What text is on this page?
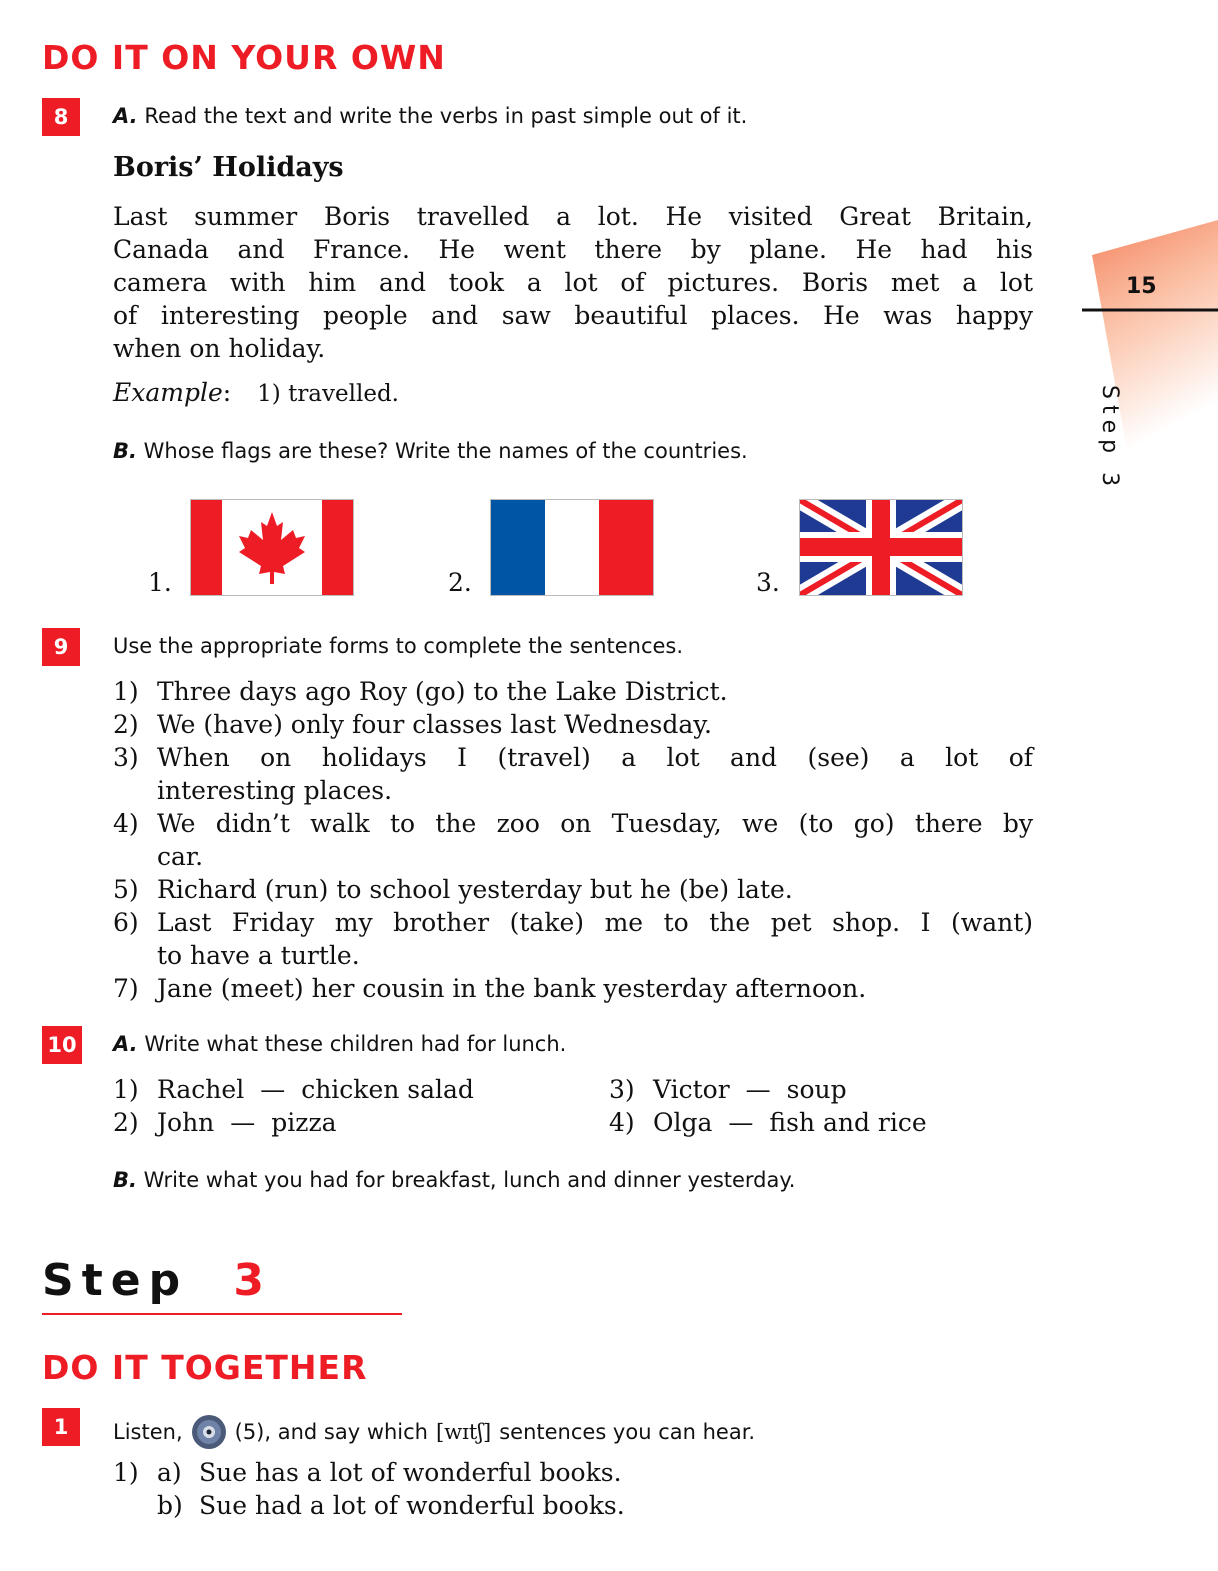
DO IT ON YOUR OWN
15
Step 3
8	A. Read the text and write the verbs in past simple out of it.
Boris’ Holidays
Last summer Boris travelled a lot. He visited Great Britain,
Canada and France. He went there by plane. He had his
camera with him and took a lot of pictures. Boris met a lot
of interesting people and saw beautiful places. He was happy
when on holiday.
Example: 1) travelled.
B. Whose flags are these? Write the names of the countries.
1.	2.	3.
9	Use the appropriate forms to complete the sentences.
1) Three days ago Roy (go) to the Lake District.
2) We (have) only four classes last Wednesday.
3) When on holidays I (travel) a lot and (see) a lot of
interesting places.
4) We didn’t walk to the zoo on Tuesday, we (to go) there by
car.
5) Richard (run) to school yesterday but he (be) late.
6) Last Friday my brother (take) me to the pet shop. I (want)
to have a turtle.
7) Jane (meet) her cousin in the bank yesterday afternoon.
10 A. Write what these children had for lunch.
1) Rachel — chicken salad
2) John — pizza
3) Victor — soup
4) Olga — fish and rice
B. Write what you had for breakfast, lunch and dinner yesterday.
Step 3
DO IT TOGETHER
1	Listen, (5), and say which [wɪtʃ] sentences you can hear.
1) a) Sue has a lot of wonderful books.
b) Sue had a lot of wonderful books.
